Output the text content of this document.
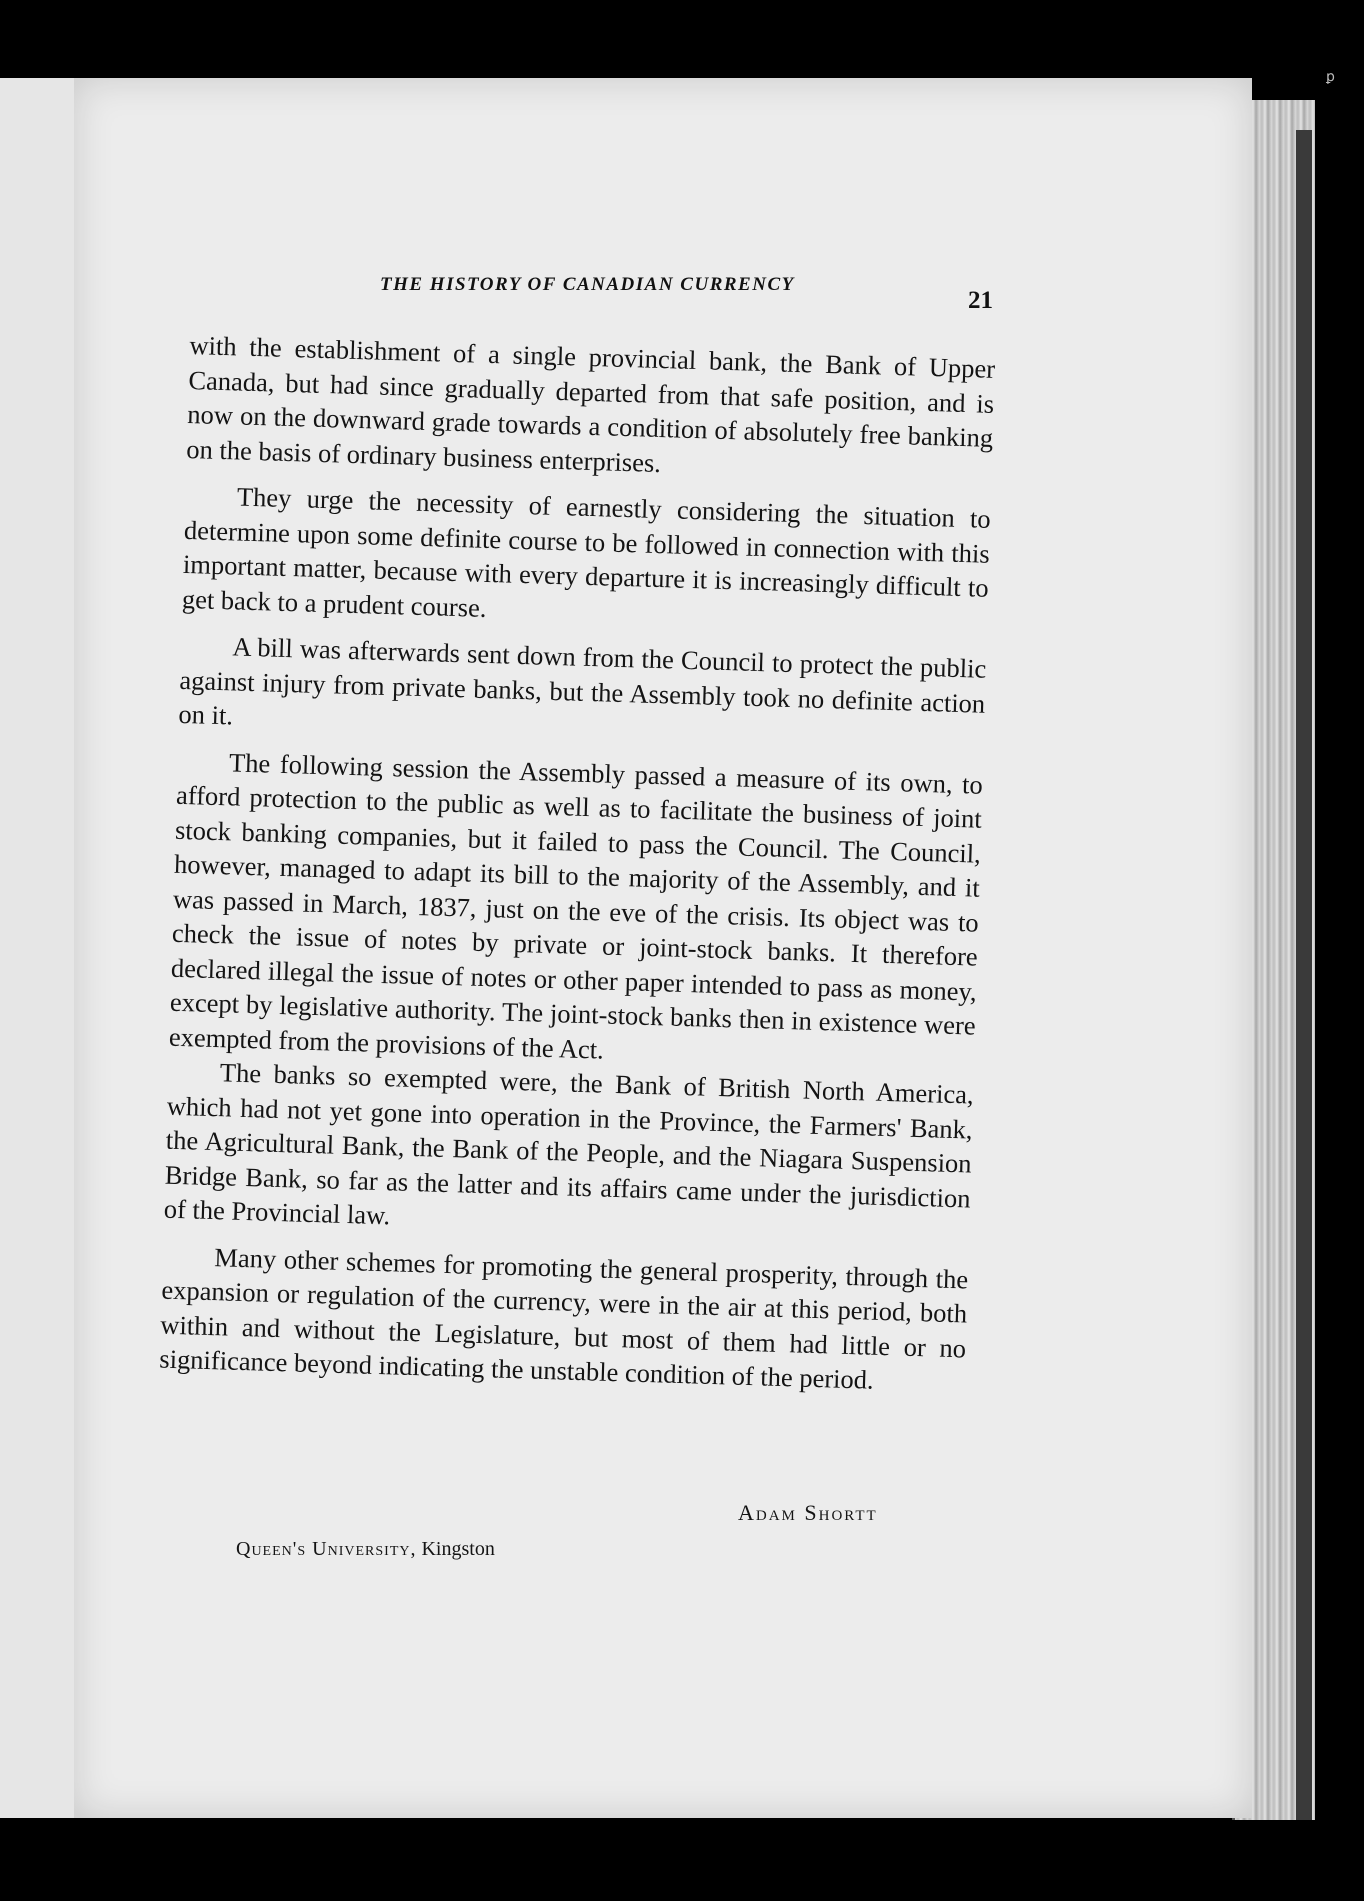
ꝑ
THE HISTORY OF CANADIAN CURRENCY
21

with the establishment of a single provincial bank, the Bank of Upper Canada, but had since gradually departed from that safe position, and is now on the downward grade towards a condition of absolutely free banking on the basis of ordinary business enterprises.

They urge the necessity of earnestly considering the situation to determine upon some definite course to be followed in connection with this important matter, because with every departure it is increasingly difficult to get back to a prudent course.

A bill was afterwards sent down from the Council to protect the public against injury from private banks, but the Assembly took no definite action on it.

The following session the Assembly passed a measure of its own, to afford protection to the public as well as to facilitate the business of joint stock banking companies, but it failed to pass the Council. The Council, however, managed to adapt its bill to the majority of the Assembly, and it was passed in March, 1837, just on the eve of the crisis. Its object was to check the issue of notes by private or joint-stock banks. It therefore declared illegal the issue of notes or other paper intended to pass as money, except by legislative authority. The joint-stock banks then in existence were exempted from the provisions of the Act.

The banks so exempted were, the Bank of British North America, which had not yet gone into operation in the Province, the Farmers' Bank, the Agricultural Bank, the Bank of the People, and the Niagara Suspension Bridge Bank, so far as the latter and its affairs came under the jurisdiction of the Provincial law.

Many other schemes for promoting the general prosperity, through the expansion or regulation of the currency, were in the air at this period, both within and without the Legislature, but most of them had little or no significance beyond indicating the unstable condition of the period.

Adam Shortt
Queen's University, Kingston
